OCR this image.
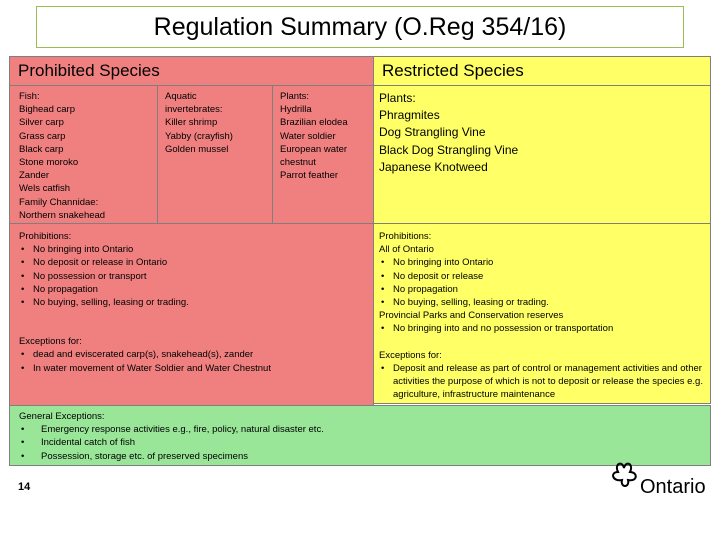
Regulation Summary (O.Reg 354/16)
Prohibited Species	Restricted Species
Fish:
Bighead carp
Silver carp
Grass carp
Black carp
Stone moroko
Zander
Wels catfish
Family Channidae:
Northern snakehead
Aquatic
invertebrates:
Killer shrimp
Yabby (crayfish)
Golden mussel
Plants:
Hydrilla
Brazilian elodea
Water soldier
European water
chestnut
Parrot feather
Plants:
Phragmites
Dog Strangling Vine
Black Dog Strangling Vine
Japanese Knotweed
Prohibitions:
• No bringing into Ontario
• No deposit or release in Ontario
• No possession or transport
• No propagation
• No buying, selling, leasing or trading.
Exceptions for:
• dead and eviscerated carp(s), snakehead(s), zander
• In water movement of Water Soldier and Water Chestnut
Prohibitions:
All of Ontario
• No bringing into Ontario
• No deposit or release
• No propagation
• No buying, selling, leasing or trading.
Provincial Parks and Conservation reserves
• No bringing into and no possession or transportation
Exceptions for:
• Deposit and release as part of control or management activities and other activities the purpose of which is not to deposit or release the species e.g. agriculture, infrastructure maintenance
General Exceptions:
• Emergency response activities e.g., fire, policy, natural disaster etc.
• Incidental catch of fish
• Possession, storage etc. of preserved specimens
14	Ontario
